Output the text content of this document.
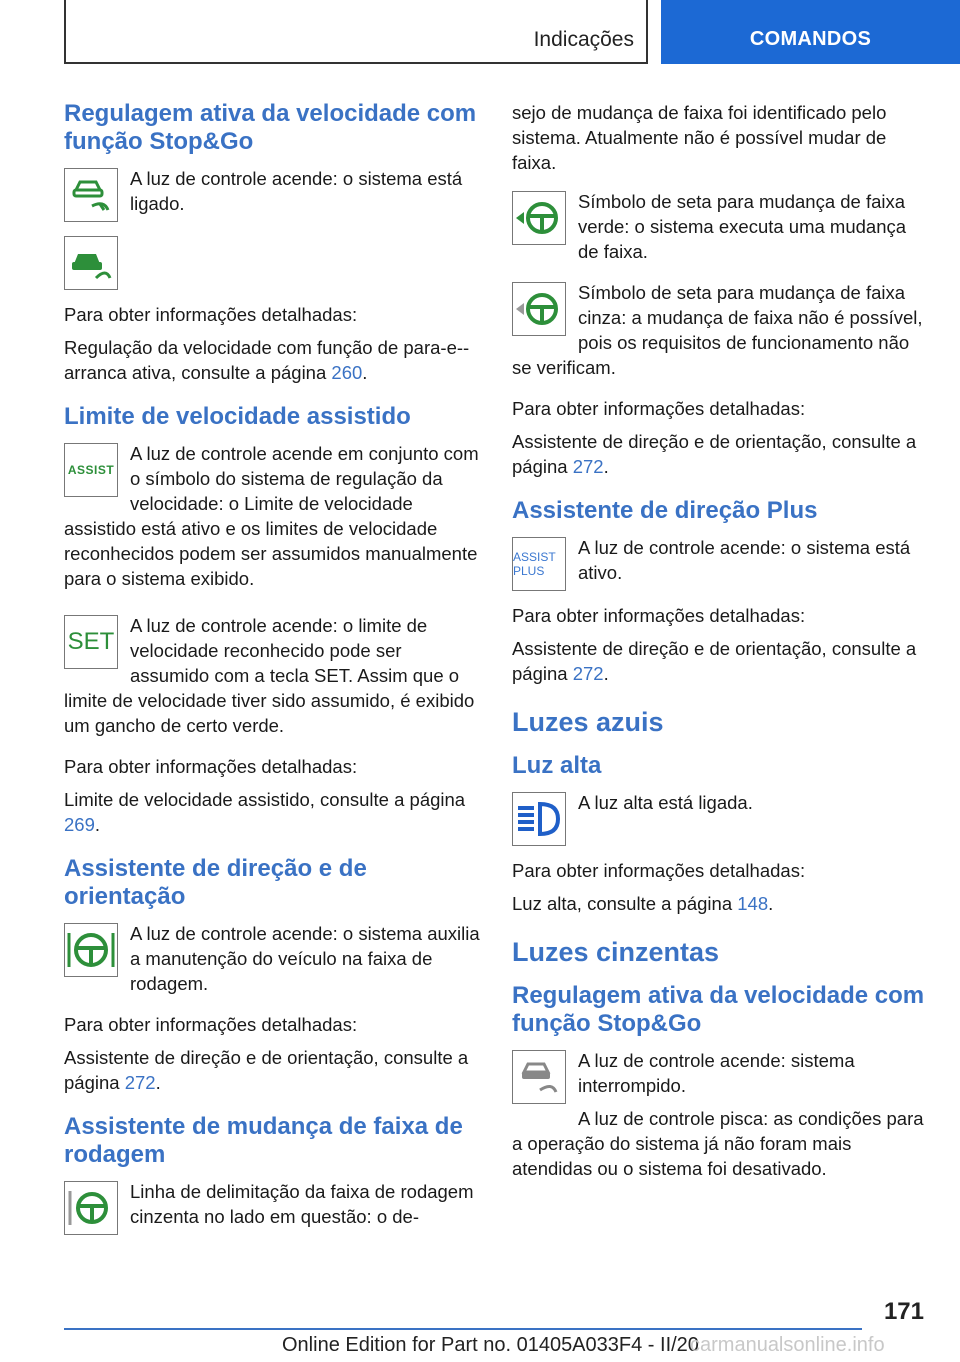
Indicações	COMANDOS
Regulagem ativa da velocidade com função Stop&Go

A luz de controle acende: o sistema está ligado.

Para obter informações detalhadas:

Regulação da velocidade com função de para-e--arranca ativa, consulte a página 260.

Limite de velocidade assistido
ASSIST

A luz de controle acende em conjunto com o símbolo do sistema de regulação da velocidade: o Limite de velocidade assistido está ativo e os limites de velocidade reconhecidos podem ser assumidos manualmente para o sistema exibido.

SET

A luz de controle acende: o limite de velocidade reconhecido pode ser assumido com a tecla SET. Assim que o limite de velocidade tiver sido assumido, é exibido um gancho de certo verde.

Para obter informações detalhadas:

Limite de velocidade assistido, consulte a página 269.

Assistente de direção e de orientação

A luz de controle acende: o sistema auxilia a manutenção do veículo na faixa de rodagem.

Para obter informações detalhadas:

Assistente de direção e de orientação, consulte a página 272.

Assistente de mudança de faixa de rodagem

Linha de delimitação da faixa de rodagem cinzenta no lado em questão: o de-

sejo de mudança de faixa foi identificado pelo sistema. Atualmente não é possível mudar de faixa.

Símbolo de seta para mudança de faixa verde: o sistema executa uma mudança de faixa.

Símbolo de seta para mudança de faixa cinza: a mudança de faixa não é possível, pois os requisitos de funcionamento não se verificam.

Para obter informações detalhadas:

Assistente de direção e de orientação, consulte a página 272.

Assistente de direção Plus
ASSIST PLUS

A luz de controle acende: o sistema está ativo.

Para obter informações detalhadas:

Assistente de direção e de orientação, consulte a página 272.

Luzes azuis
Luz alta

A luz alta está ligada.

Para obter informações detalhadas:

Luz alta, consulte a página 148.

Luzes cinzentas
Regulagem ativa da velocidade com função Stop&Go

A luz de controle acende: sistema interrompido.

A luz de controle pisca: as condições para a operação do sistema já não foram mais atendidas ou o sistema foi desativado.

171
Online Edition for Part no. 01405A033F4 - II/20
carmanualsonline.info
